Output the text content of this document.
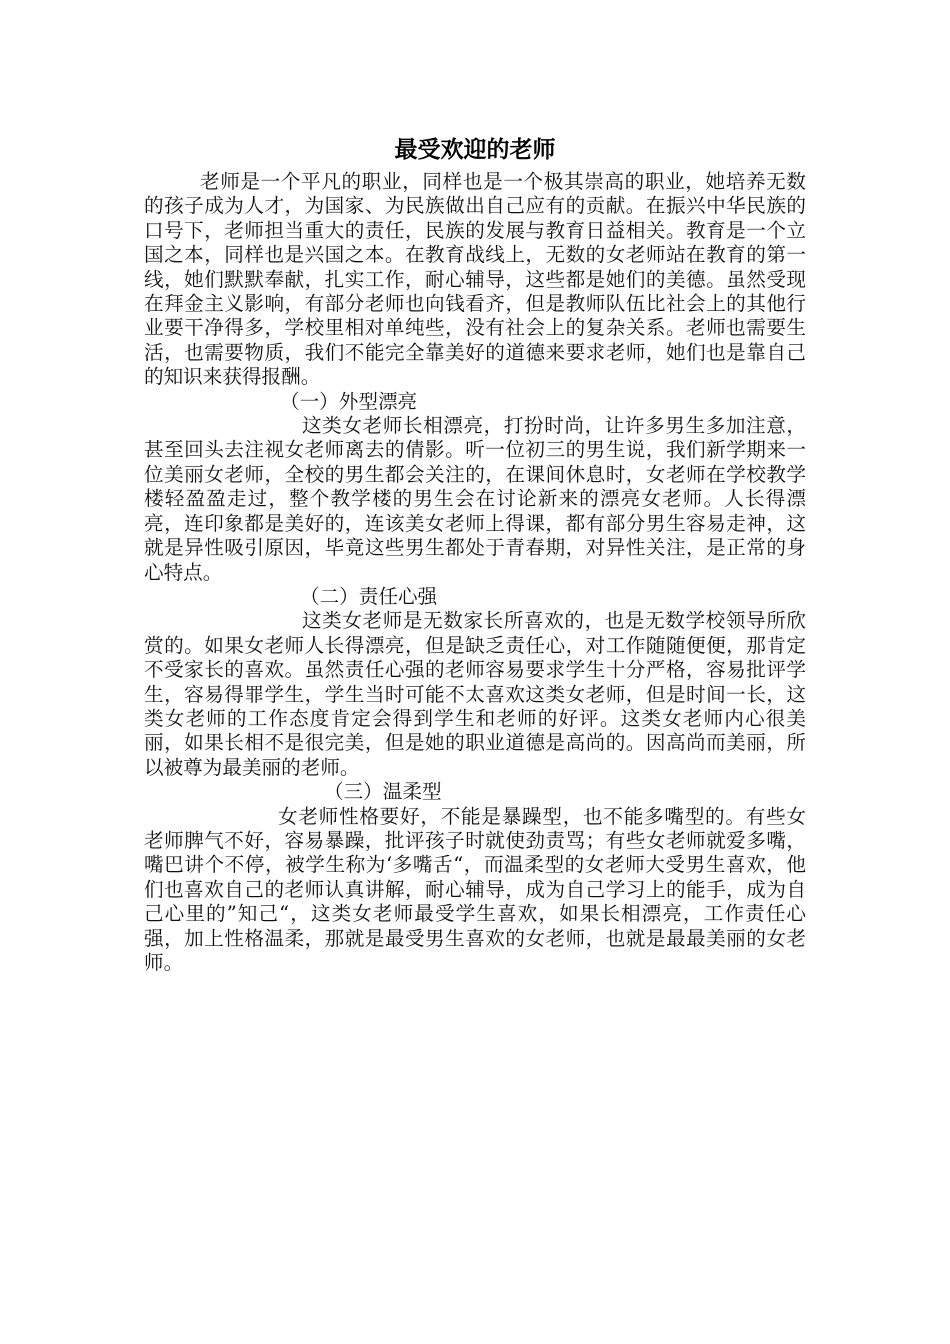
最受欢迎的老师

老师是一个平凡的职业，同样也是一个极其崇高的职业，她培养无数的孩子成为人才，为国家、为民族做出自己应有的贡献。在振兴中华民族的口号下，老师担当重大的责任，民族的发展与教育日益相关。教育是一个立国之本，同样也是兴国之本。在教育战线上，无数的女老师站在教育的第一线，她们默默奉献，扎实工作，耐心辅导，这些都是她们的美德。虽然受现在拜金主义影响，有部分老师也向钱看齐，但是教师队伍比社会上的其他行业要干净得多，学校里相对单纯些，没有社会上的复杂关系。老师也需要生活，也需要物质，我们不能完全靠美好的道德来要求老师，她们也是靠自己的知识来获得报酬。

（一）外型漂亮

这类女老师长相漂亮，打扮时尚，让许多男生多加注意，甚至回头去注视女老师离去的倩影。听一位初三的男生说，我们新学期来一位美丽女老师，全校的男生都会关注的，在课间休息时，女老师在学校教学楼轻盈盈走过，整个教学楼的男生会在讨论新来的漂亮女老师。人长得漂亮，连印象都是美好的，连该美女老师上得课，都有部分男生容易走神，这就是异性吸引原因，毕竟这些男生都处于青春期，对异性关注，是正常的身心特点。

（二）责任心强

这类女老师是无数家长所喜欢的，也是无数学校领导所欣赏的。如果女老师人长得漂亮，但是缺乏责任心，对工作随随便便，那肯定不受家长的喜欢。虽然责任心强的老师容易要求学生十分严格，容易批评学生，容易得罪学生，学生当时可能不太喜欢这类女老师，但是时间一长，这类女老师的工作态度肯定会得到学生和老师的好评。这类女老师内心很美丽，如果长相不是很完美，但是她的职业道德是高尚的。因高尚而美丽，所以被尊为最美丽的老师。

（三）温柔型

女老师性格要好，不能是暴躁型，也不能多嘴型的。有些女老师脾气不好，容易暴躁，批评孩子时就使劲责骂；有些女老师就爱多嘴，嘴巴讲个不停，被学生称为‘多嘴舌“，而温柔型的女老师大受男生喜欢，他们也喜欢自己的老师认真讲解，耐心辅导，成为自己学习上的能手，成为自己心里的”知己“，这类女老师最受学生喜欢，如果长相漂亮，工作责任心强，加上性格温柔，那就是最受男生喜欢的女老师，也就是最最美丽的女老师。
